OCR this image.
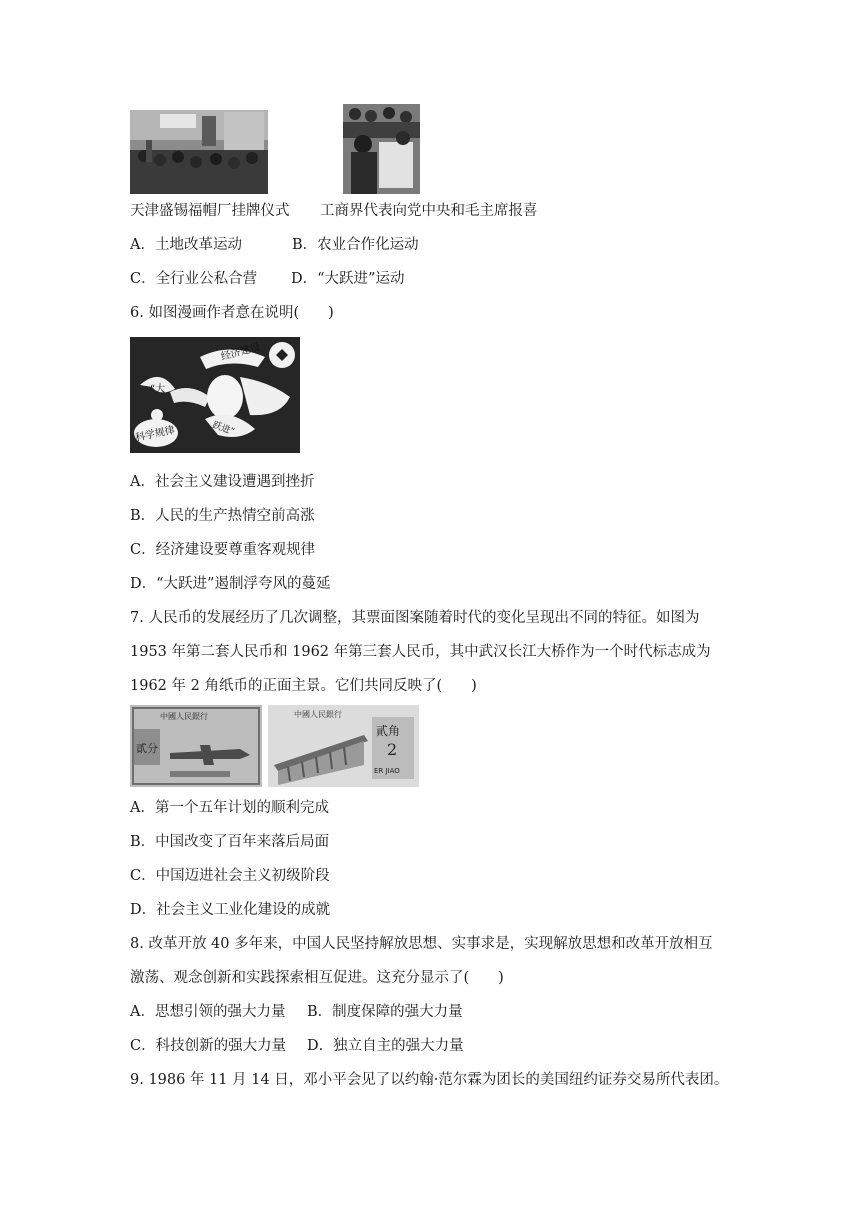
天津盛锡福帽厂挂牌仪式 工商界代表向党中央和毛主席报喜
A．土地改革运动	B．农业合作化运动
C．全行业公私合营 D．“大跃进”运动
6. 如图漫画作者意在说明(　　)
经济建设
“大
跃进”
科学规律
A．社会主义建设遭遇到挫折
B．人民的生产热情空前高涨
C．经济建设要尊重客观规律
D．“大跃进”遏制浮夸风的蔓延
7. 人民币的发展经历了几次调整，其票面图案随着时代的变化呈现出不同的特征。如图为
1953 年第二套人民币和 1962 年第三套人民币，其中武汉长江大桥作为一个时代标志成为
1962 年 2 角纸币的正面主景。它们共同反映了(　　)
中國人民銀行
貳分
中國人民銀行
貳角
2
ER JIAO
A．第一个五年计划的顺利完成
B．中国改变了百年来落后局面
C．中国迈进社会主义初级阶段
D．社会主义工业化建设的成就
8. 改革开放 40 多年来，中国人民坚持解放思想、实事求是，实现解放思想和改革开放相互
激荡、观念创新和实践探索相互促进。这充分显示了(　　)
A．思想引领的强大力量 B．制度保障的强大力量
C．科技创新的强大力量 D．独立自主的强大力量
9. 1986 年 11 月 14 日，邓小平会见了以约翰·范尔霖为团长的美国纽约证券交易所代表团。
